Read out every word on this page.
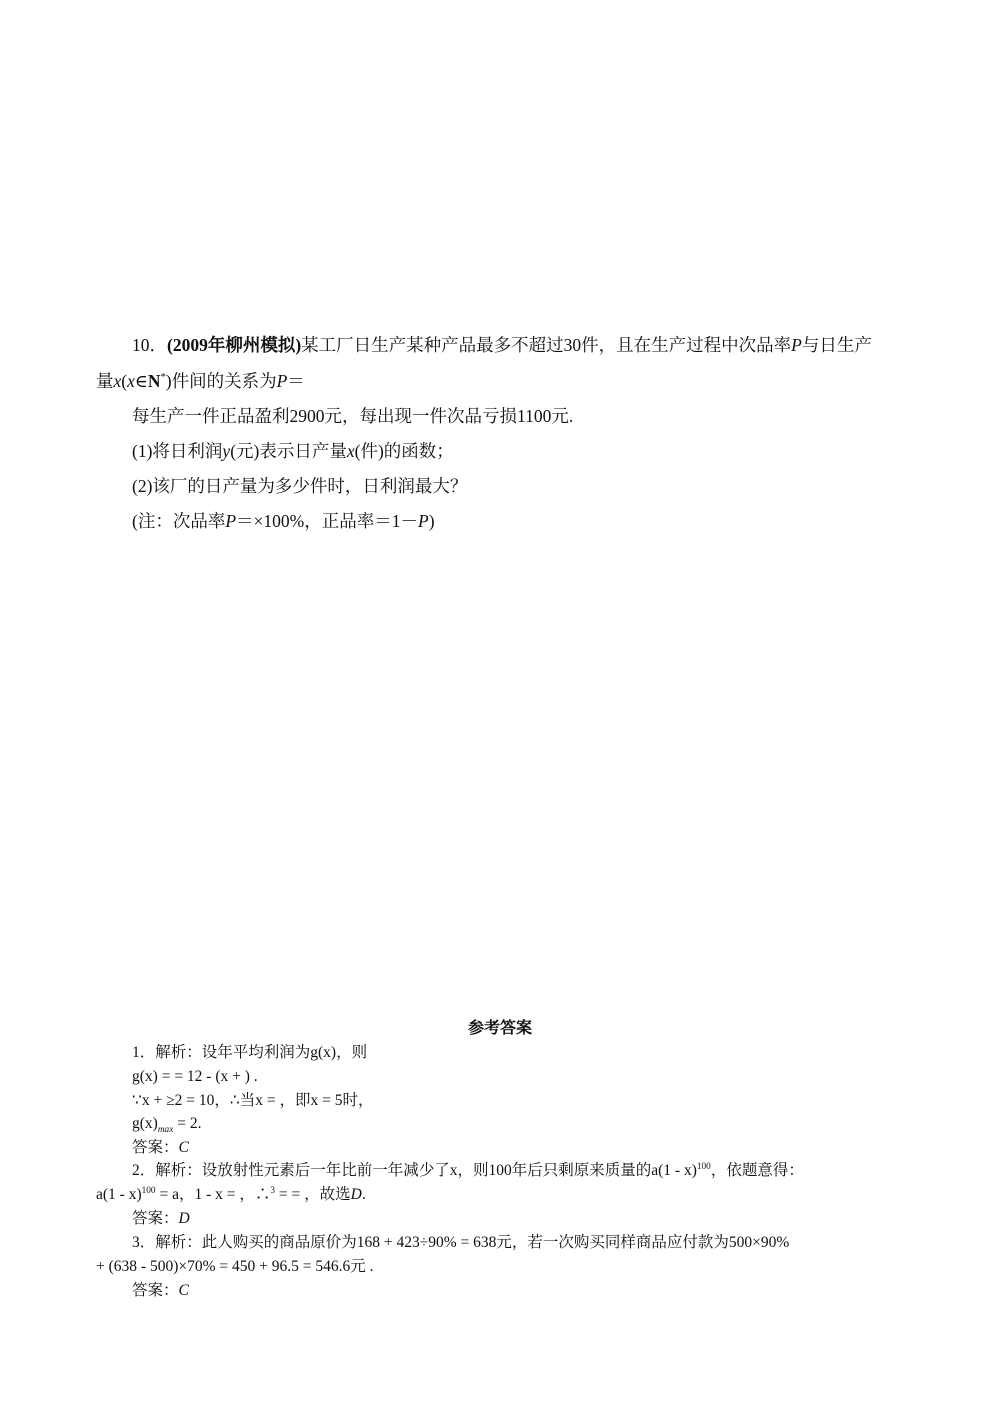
10．(2009年柳州模拟)某工厂日生产某种产品最多不超过30件，且在生产过程中次品率P与日生产
量x(x∈N*)件间的关系为P＝
每生产一件正品盈利2900元，每出现一件次品亏损1100元.
(1)将日利润y(元)表示日产量x(件)的函数；
(2)该厂的日产量为多少件时，日利润最大？
(注：次品率P＝×100%，正品率＝1－P)
参考答案
1．解析：设年平均利润为g(x)，则
g(x) = = 12 - (x + ) .
∵x + ≥2 = 10，∴当x = ，即x = 5时，
$g(x)_{max} = 2$.
答案：C
2．解析：设放射性元素后一年比前一年减少了x，则100年后只剩原来质量的a(1 - x)$^{100}$，依题意得：
a(1 - x)$^{100}$ = a，1 - x = ，∴$^3$ = = ，故选D.
答案：D
3．解析：此人购买的商品原价为168 + 423÷90% = 638元，若一次购买同样商品应付款为500×90%
+ (638 - 500)×70% = 450 + 96.5 = 546.6元 .
答案：C
